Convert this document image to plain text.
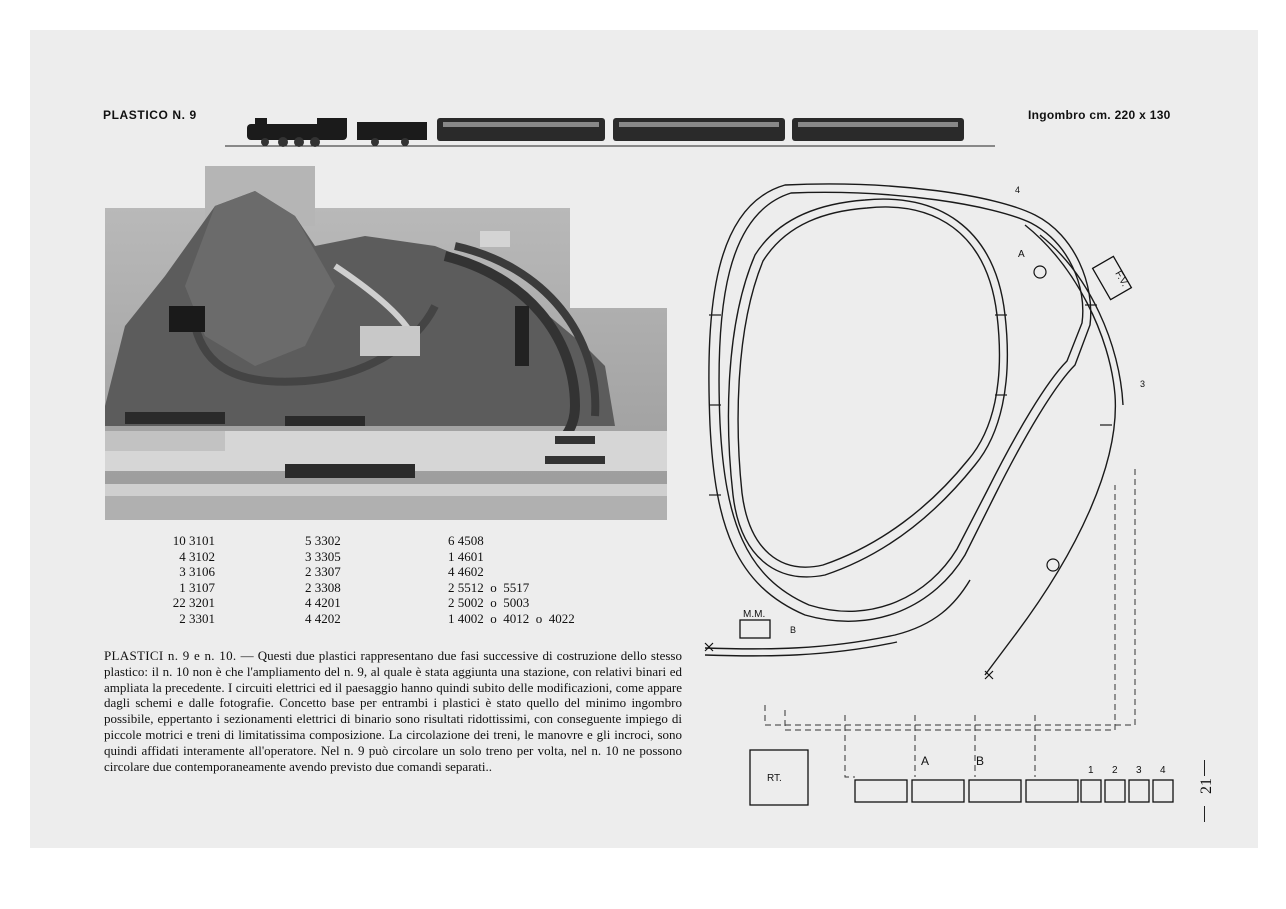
PLASTICO N. 9	Ingombro cm. 220 x 130
10 3101
4 3102
3 3106
1 3107
22 3201
2 3301
5 3302
3 3305
2 3307
2 3308
4 4201
4 4202
6 4508
1 4601
4 4602
2 5512  o  5517
2 5002  o  5003
1 4002  o  4012  o  4022
PLASTICI n. 9 e n. 10. — Questi due plastici rappresentano due fasi successive di costruzione dello stesso plastico: il n. 10 non è che l'ampliamento del n. 9, al quale è stata aggiunta una stazione, con relativi binari ed ampliata la precedente. I circuiti elettrici ed il paesaggio hanno quindi subito delle modificazioni, come appare dagli schemi e dalle fotografie. Concetto base per entrambi i plastici è stato quello del minimo ingombro possibile, eppertanto i sezionamenti elettrici di binario sono risultati ridottissimi, con conseguente impiego di piccole motrici e treni di limitatissima composizione. La circolazione dei treni, le manovre e gli incroci, sono quindi affidati interamente all'operatore. Nel n. 9 può circolare un solo treno per volta, nel n. 10 ne possono circolare due contemporaneamente avendo previsto due comandi separati..
F.V.
M.M.
RT.
A	B
1 2 3 4
A
B
3
4
21
